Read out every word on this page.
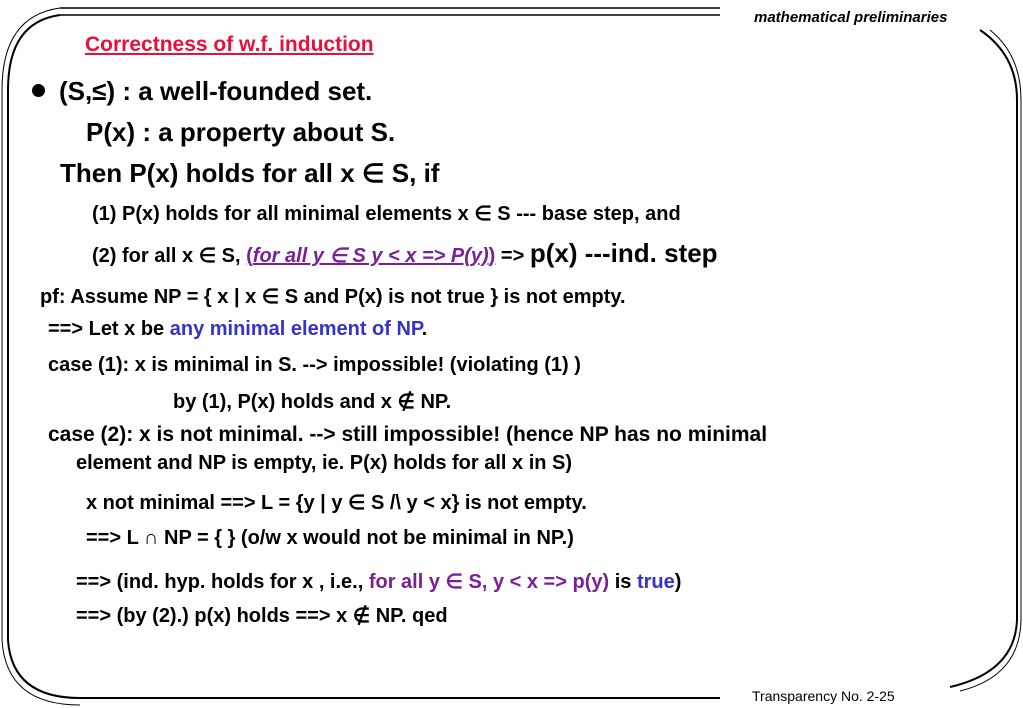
mathematical preliminaries
Correctness of w.f. induction
(S,≤) : a well-founded set.
P(x) : a property about S.
Then P(x) holds for all x ∈ S, if
(1) P(x) holds for all minimal elements x ∈ S --- base step, and
(2) for all x ∈ S, (for all y ∈ S y < x => P(y)) => p(x) ---ind. step
pf: Assume NP = { x | x ∈ S and P(x) is not true } is not empty.
==> Let x be any minimal element of NP.
case (1): x is minimal in S. --> impossible! (violating (1) )
by (1), P(x) holds and x ∉ NP.
case (2): x is not minimal. --> still impossible! (hence NP has no minimal
element and NP is empty, ie. P(x) holds for all x in S)
x not minimal ==> L = {y | y ∈ S /\ y < x} is not empty.
==> L ∩ NP = { } (o/w x would not be minimal in NP.)
==> (ind. hyp. holds for x , i.e., for all y ∈ S, y < x => p(y) is true)
==> (by (2).) p(x) holds ==> x ∉ NP. qed
Transparency No. 2-25
